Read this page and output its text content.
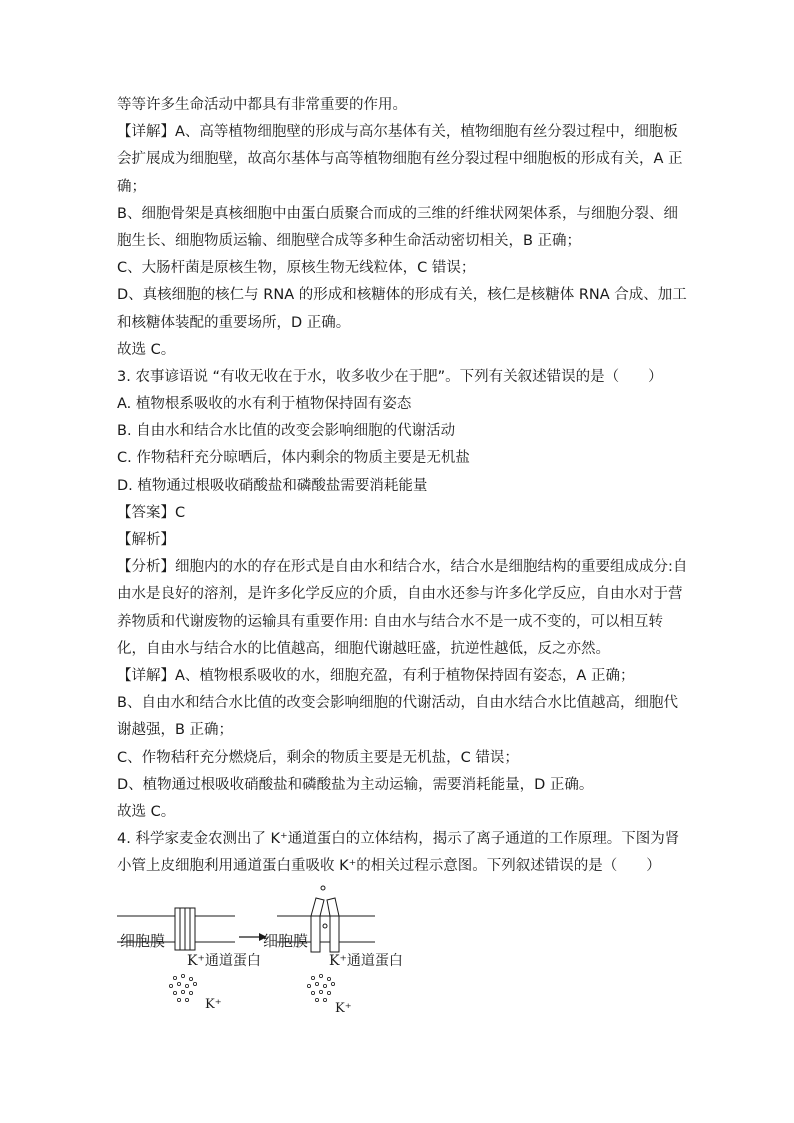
等等许多生命活动中都具有非常重要的作用。
【详解】A、高等植物细胞壁的形成与高尔基体有关，植物细胞有丝分裂过程中，细胞板
会扩展成为细胞壁，故高尔基体与高等植物细胞有丝分裂过程中细胞板的形成有关，A 正
确；
B、细胞骨架是真核细胞中由蛋白质聚合而成的三维的纤维状网架体系，与细胞分裂、细
胞生长、细胞物质运输、细胞壁合成等多种生命活动密切相关，B 正确；
C、大肠杆菌是原核生物，原核生物无线粒体，C 错误；
D、真核细胞的核仁与 RNA 的形成和核糖体的形成有关，核仁是核糖体 RNA 合成、加工
和核糖体装配的重要场所，D 正确。
故选 C。
3. 农事谚语说 “有收无收在于水，收多收少在于肥”。下列有关叙述错误的是（　　）
A. 植物根系吸收的水有利于植物保持固有姿态
B. 自由水和结合水比值的改变会影响细胞的代谢活动
C. 作物秸秆充分晾晒后，体内剩余的物质主要是无机盐
D. 植物通过根吸收硝酸盐和磷酸盐需要消耗能量
【答案】C
【解析】
【分析】细胞内的水的存在形式是自由水和结合水，结合水是细胞结构的重要组成成分:自
由水是良好的溶剂，是许多化学反应的介质，自由水还参与许多化学反应，自由水对于营
养物质和代谢废物的运输具有重要作用: 自由水与结合水不是一成不变的，可以相互转
化，自由水与结合水的比值越高，细胞代谢越旺盛，抗逆性越低，反之亦然。
【详解】A、植物根系吸收的水，细胞充盈，有利于植物保持固有姿态，A 正确；
B、自由水和结合水比值的改变会影响细胞的代谢活动，自由水结合水比值越高，细胞代
谢越强，B 正确；
C、作物秸秆充分燃烧后，剩余的物质主要是无机盐，C 错误；
D、植物通过根吸收硝酸盐和磷酸盐为主动运输，需要消耗能量，D 正确。
故选 C。
4. 科学家麦金农测出了 K⁺通道蛋白的立体结构，揭示了离子通道的工作原理。下图为肾
小管上皮细胞利用通道蛋白重吸收 K⁺的相关过程示意图。下列叙述错误的是（　　）
细胞膜
K⁺通道蛋白
细胞膜
K⁺通道蛋白
K⁺	K⁺
